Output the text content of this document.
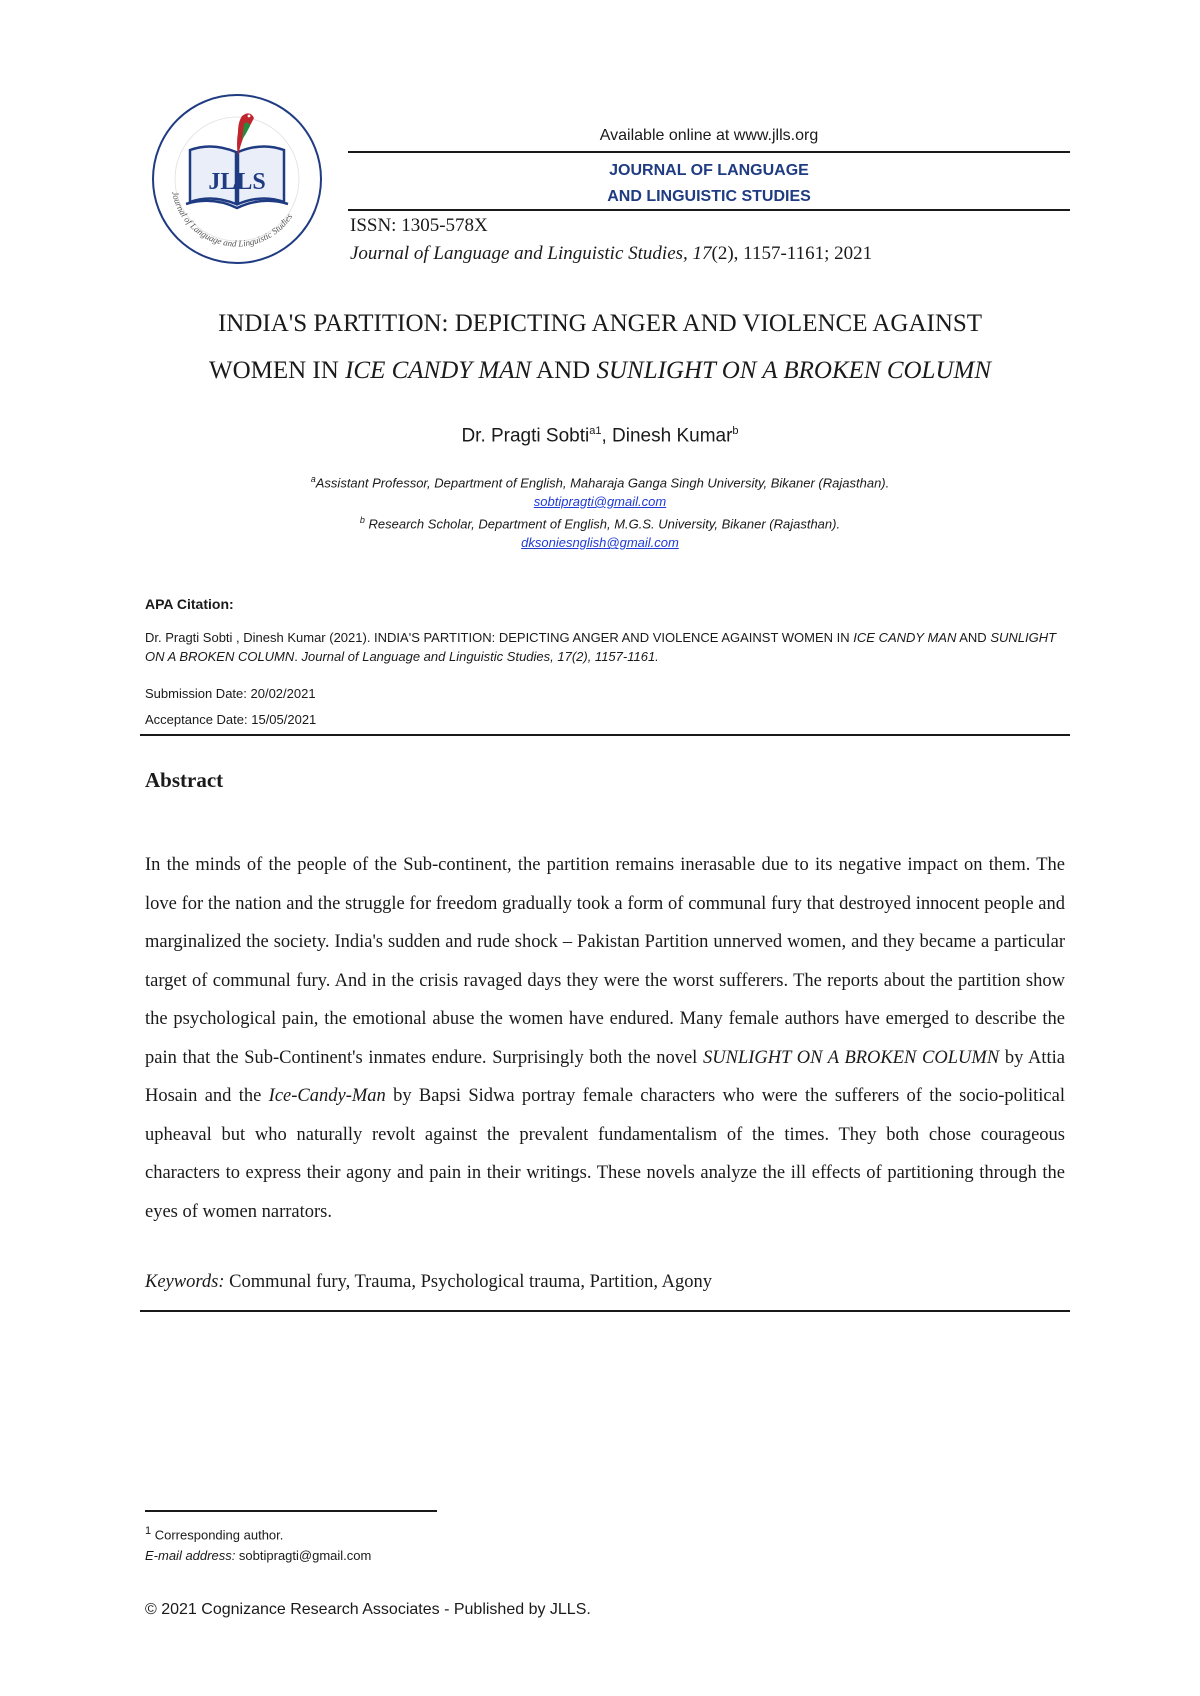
Journal of Language and Linguistic Studies
JLLS
Available online at www.jlls.org
JOURNAL OF LANGUAGE
AND LINGUISTIC STUDIES
ISSN: 1305-578X
Journal of Language and Linguistic Studies, 17(2), 1157-1161; 2021
INDIA'S PARTITION: DEPICTING ANGER AND VIOLENCE AGAINST
WOMEN IN ICE CANDY MAN AND SUNLIGHT ON A BROKEN COLUMN
Dr. Pragti Sobti$^{a1}$, Dinesh Kumar$^b$
$^a$Assistant Professor, Department of English, Maharaja Ganga Singh University, Bikaner (Rajasthan).
sobtipragti@gmail.com
$^b$ Research Scholar, Department of English, M.G.S. University, Bikaner (Rajasthan).
dksoniesnglish@gmail.com
APA Citation:
Dr. Pragti Sobti , Dinesh Kumar (2021). INDIA'S PARTITION: DEPICTING ANGER AND VIOLENCE AGAINST WOMEN IN ICE CANDY MAN AND SUNLIGHT ON A BROKEN COLUMN. Journal of Language and Linguistic Studies, 17(2), 1157-1161.
Submission Date: 20/02/2021
Acceptance Date: 15/05/2021
Abstract
In the minds of the people of the Sub-continent, the partition remains inerasable due to its negative impact on them. The love for the nation and the struggle for freedom gradually took a form of communal fury that destroyed innocent people and marginalized the society. India's sudden and rude shock – Pakistan Partition unnerved women, and they became a particular target of communal fury. And in the crisis ravaged days they were the worst sufferers. The reports about the partition show the psychological pain, the emotional abuse the women have endured. Many female authors have emerged to describe the pain that the Sub-Continent's inmates endure. Surprisingly both the novel SUNLIGHT ON A BROKEN COLUMN by Attia Hosain and the Ice-Candy-Man by Bapsi Sidwa portray female characters who were the sufferers of the socio-political upheaval but who naturally revolt against the prevalent fundamentalism of the times. They both chose courageous characters to express their agony and pain in their writings. These novels analyze the ill effects of partitioning through the eyes of women narrators.
Keywords: Communal fury, Trauma, Psychological trauma, Partition, Agony
$^1$ Corresponding author.
E-mail address: sobtipragti@gmail.com
© 2021 Cognizance Research Associates - Published by JLLS.
